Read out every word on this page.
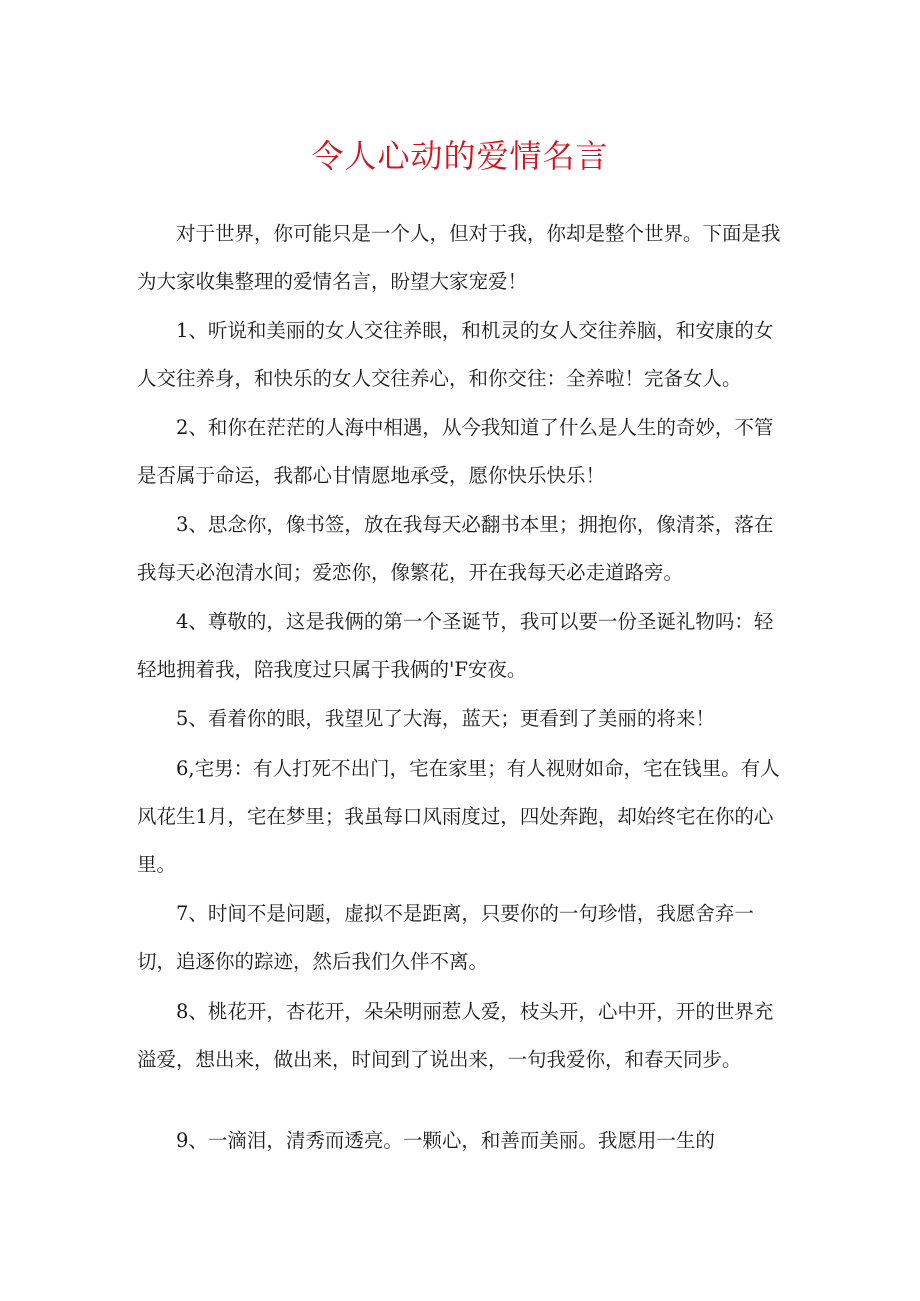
令人心动的爱情名言
对于世界，你可能只是一个人，但对于我，你却是整个世界。下面是我为大家收集整理的爱情名言，盼望大家宠爱！
1、听说和美丽的女人交往养眼，和机灵的女人交往养脑，和安康的女人交往养身，和快乐的女人交往养心，和你交往：全养啦！完备女人。
2、和你在茫茫的人海中相遇，从今我知道了什么是人生的奇妙，不管是否属于命运，我都心甘情愿地承受，愿你快乐快乐！
3、思念你，像书签，放在我每天必翻书本里；拥抱你，像清茶，落在我每天必泡清水间；爱恋你，像繁花，开在我每天必走道路旁。
4、尊敬的，这是我俩的第一个圣诞节，我可以要一份圣诞礼物吗：轻轻地拥着我，陪我度过只属于我俩的'F安夜。
5、看着你的眼，我望见了大海，蓝天；更看到了美丽的将来！
6,宅男：有人打死不出门，宅在家里；有人视财如命，宅在钱里。有人风花生1月，宅在梦里；我虽每口风雨度过，四处奔跑，却始终宅在你的心里。
7、时间不是问题，虚拟不是距离，只要你的一句珍惜，我愿舍弃一切，追逐你的踪迹，然后我们久伴不离。
8、桃花开，杏花开，朵朵明丽惹人爱，枝头开，心中开，开的世界充溢爱，想出来，做出来，时间到了说出来，一句我爱你，和春天同步。
9、一滴泪，清秀而透亮。一颗心，和善而美丽。我愿用一生的
